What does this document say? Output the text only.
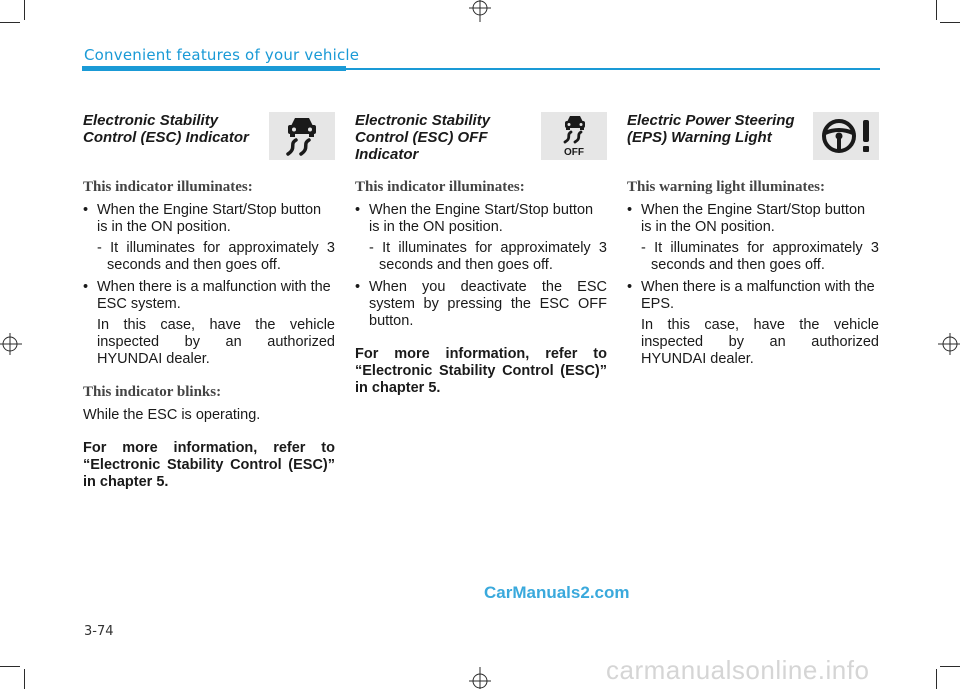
Convenient features of your vehicle

Electronic Stability Control (ESC) Indicator

This indicator illuminates:
• When the Engine Start/Stop button is in the ON position.
- It illuminates for approximately 3 seconds and then goes off.
• When there is a malfunction with the ESC system.
In this case, have the vehicle inspected by an authorized HYUNDAI dealer.
This indicator blinks:
While the ESC is operating.
For more information, refer to “Electronic Stability Control (ESC)” in chapter 5.
OFF

Electronic Stability Control (ESC) OFF Indicator

This indicator illuminates:
• When the Engine Start/Stop button is in the ON position.
- It illuminates for approximately 3 seconds and then goes off.
• When you deactivate the ESC system by pressing the ESC OFF button.
For more information, refer to “Electronic Stability Control (ESC)” in chapter 5.

Electric Power Steering (EPS) Warning Light

This warning light illuminates:
• When the Engine Start/Stop button is in the ON position.
- It illuminates for approximately 3 seconds and then goes off.
• When there is a malfunction with the EPS.
In this case, have the vehicle inspected by an authorized HYUNDAI dealer.
CarManuals2.com
3-74
carmanualsonline.info
